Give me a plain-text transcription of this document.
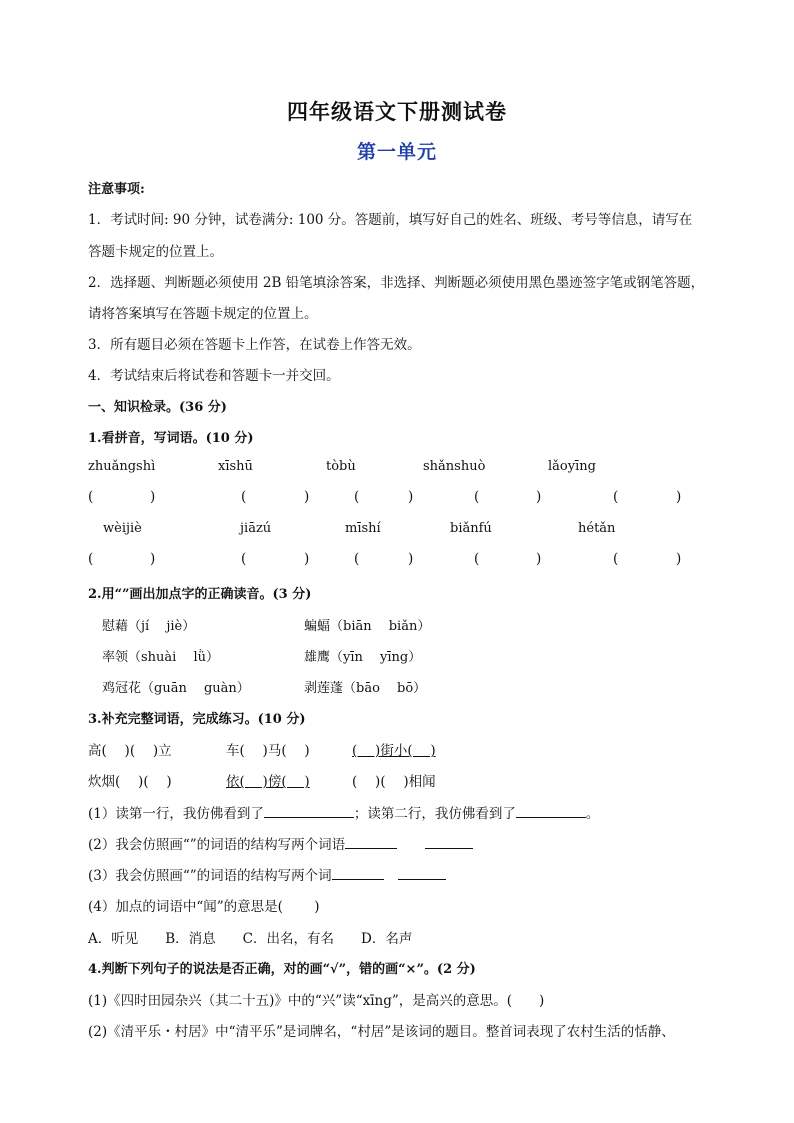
四年级语文下册测试卷
第一单元
注意事项:
1．考试时间: 90 分钟，试卷满分: 100 分。答题前，填写好自己的姓名、班级、考号等信息，请写在
答题卡规定的位置上。
2．选择题、判断题必须使用 2B 铅笔填涂答案，非选择、判断题必须使用黑色墨迹签字笔或钢笔答题，
请将答案填写在答题卡规定的位置上。
3．所有题目必须在答题卡上作答，在试卷上作答无效。
4．考试结束后将试卷和答题卡一并交回。
一、知识检录。(36 分)
1.看拼音，写词语。(10 分)
zhuǎngshì	xīshū	tòbù	shǎnshuò	lǎoyīng
(	)	(	)	(	)	(	)	(	)
wèijiè	jiāzú	mīshí	biǎnfú	hétǎn
(	)	(	)	(	)	(	)	(	)
2.用“”画出加点字的正确读音。(3 分)
慰藉（jí　 jiè）	蝙蝠（biān　 biǎn）
率领（shuài　 lǜ）	雄鹰（yīn　 yīng）
鸡冠花（guān　 guàn）	剥莲蓬（bāo　 bō）
3.补充完整词语，完成练习。(10 分)
高(　 )(　 )立	车(　 )马(　 )	(　 )街小(　 )
炊烟(　 )(　 )	依(　 )傍(　 )	(　 )(　 )相闻
(1）读第一行，我仿佛看到了	；读第二行，我仿佛看到了	。
(2）我会仿照画“”的词语的结构写两个词语
(3）我会仿照画“”的词语的结构写两个词
(4）加点的词语中“闻”的意思是(　 　)
A．听见　　B．消息　　C．出名，有名　　D．名声
4.判断下列句子的说法是否正确，对的画“√”，错的画“×”。(2 分)
(1)《四时田园杂兴（其二十五)》中的“兴”读“xīng”，是高兴的意思。(　　)
(2)《清平乐・村居》中“清平乐”是词牌名，“村居”是该词的题目。整首词表现了农村生活的恬静、
